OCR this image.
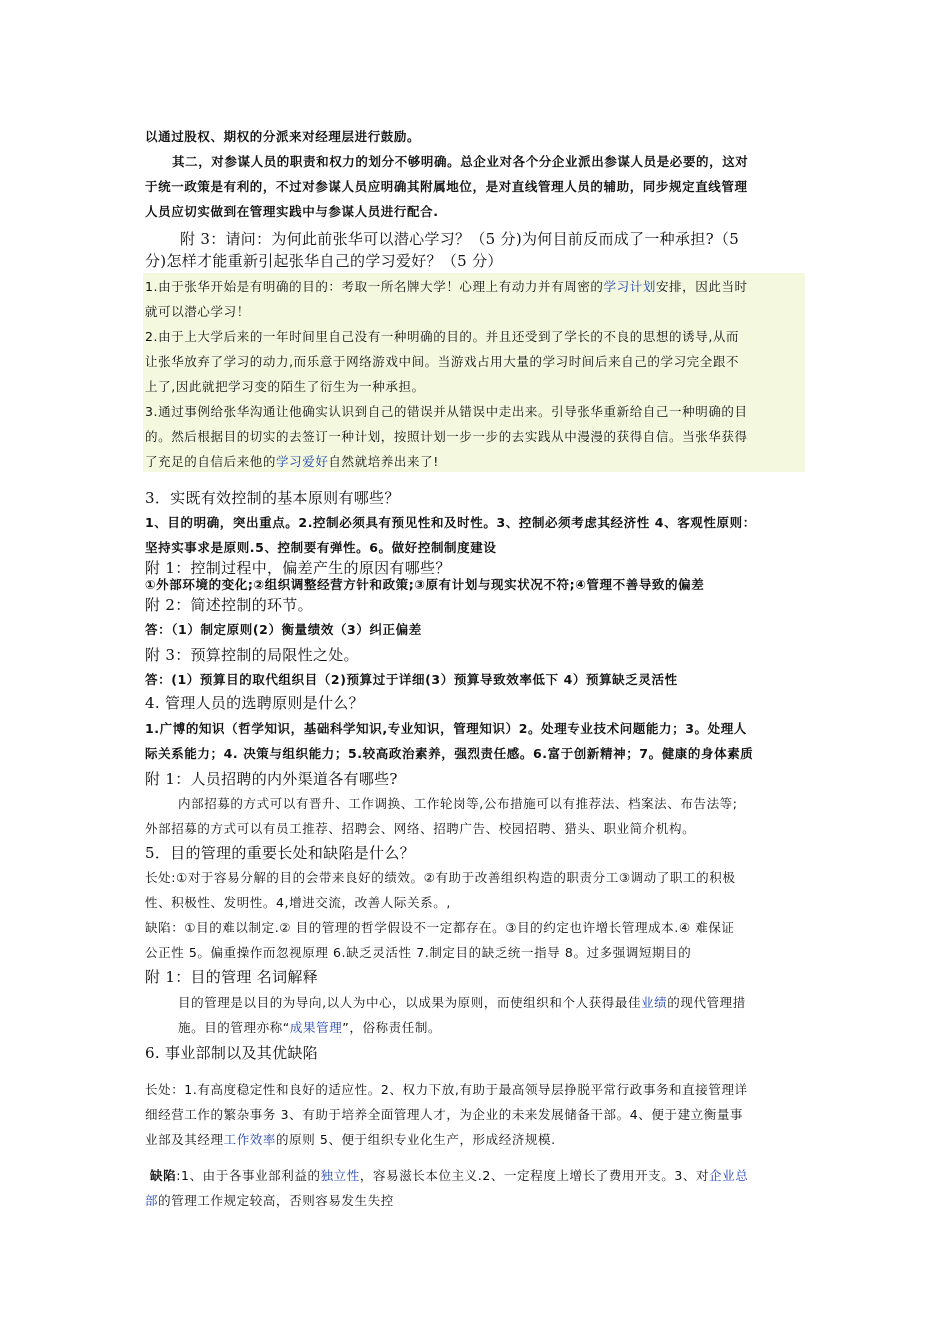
以通过股权、期权的分派来对经理层进行鼓励。
其二，对参谋人员的职责和权力的划分不够明确。总企业对各个分企业派出参谋人员是必要的，这对
于统一政策是有利的，不过对参谋人员应明确其附属地位，是对直线管理人员的辅助，同步规定直线管理
人员应切实做到在管理实践中与参谋人员进行配合.
附 3：请问：为何此前张华可以潜心学习？（5 分)为何目前反而成了一种承担?（5
分)怎样才能重新引起张华自己的学习爱好？（5 分）
1.由于张华开始是有明确的目的：考取一所名牌大学！心理上有动力并有周密的学习计划安排，因此当时
就可以潜心学习！
2.由于上大学后来的一年时间里自己没有一种明确的目的。并且还受到了学长的不良的思想的诱导,从而
让张华放弃了学习的动力,而乐意于网络游戏中间。当游戏占用大量的学习时间后来自己的学习完全跟不
上了,因此就把学习变的陌生了衍生为一种承担。
3.通过事例给张华沟通让他确实认识到自己的错误并从错误中走出来。引导张华重新给自己一种明确的目
的。然后根据目的切实的去签订一种计划，按照计划一步一步的去实践从中漫漫的获得自信。当张华获得
了充足的自信后来他的学习爱好自然就培养出来了!
3．实既有效控制的基本原则有哪些？
1、目的明确，突出重点。2.控制必须具有预见性和及时性。3、控制必须考虑其经济性 4、客观性原则：
坚持实事求是原则.5、控制要有弹性。6。做好控制制度建设
附 1：控制过程中，偏差产生的原因有哪些？
①外部环境的变化;②组织调整经营方针和政策;③原有计划与现实状况不符;④管理不善导致的偏差
附 2：简述控制的环节。
答：（1）制定原则(2）衡量绩效（3）纠正偏差
附 3：预算控制的局限性之处。
答：(1）预算目的取代组织目（2)预算过于详细(3）预算导致效率低下 4）预算缺乏灵活性
4. 管理人员的选聘原则是什么？
1.广博的知识（哲学知识，基础科学知识,专业知识，管理知识）2。处理专业技术问题能力；3。处理人
际关系能力；4. 决策与组织能力；5.较高政治素养，强烈责任感。6.富于创新精神；7。健康的身体素质
附 1：人员招聘的内外渠道各有哪些?
内部招募的方式可以有晋升、工作调换、工作轮岗等,公布措施可以有推荐法、档案法、布告法等;
外部招募的方式可以有员工推荐、招聘会、网络、招聘广告、校园招聘、猎头、职业简介机构。
5．目的管理的重要长处和缺陷是什么？
长处:①对于容易分解的目的会带来良好的绩效。②有助于改善组织构造的职责分工③调动了职工的积极
性、积极性、发明性。4,增进交流，改善人际关系。,
缺陷：①目的难以制定.② 目的管理的哲学假设不一定都存在。③目的约定也许增长管理成本.④ 难保证
公正性 5。偏重操作而忽视原理 6.缺乏灵活性 7.制定目的缺乏统一指导 8。过多强调短期目的
附 1：目的管理 名词解释
目的管理是以目的为导向,以人为中心，以成果为原则，而使组织和个人获得最佳业绩的现代管理措
施。目的管理亦称“成果管理”，俗称责任制。
6. 事业部制以及其优缺陷
长处：1.有高度稳定性和良好的适应性。2、权力下放,有助于最高领导层挣脱平常行政事务和直接管理详
细经营工作的繁杂事务 3、有助于培养全面管理人才，为企业的未来发展储备干部。4、便于建立衡量事
业部及其经理工作效率的原则 5、便于组织专业化生产，形成经济规模.
缺陷:1、由于各事业部利益的独立性，容易滋长本位主义.2、一定程度上增长了费用开支。3、对企业总
部的管理工作规定较高，否则容易发生失控
